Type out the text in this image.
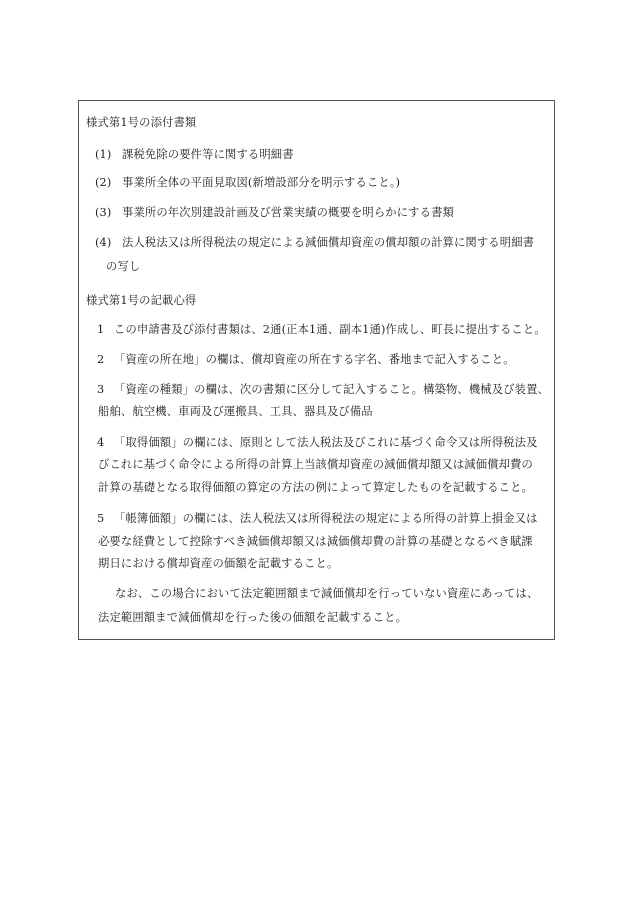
様式第1号の添付書類
(1) 課税免除の要件等に関する明細書
(2) 事業所全体の平面見取図(新増設部分を明示すること。)
(3) 事業所の年次別建設計画及び営業実績の概要を明らかにする書類
(4) 法人税法又は所得税法の規定による減価償却資産の償却額の計算に関する明細書
の写し
様式第1号の記載心得
1 この申請書及び添付書類は、2通(正本1通、副本1通)作成し、町長に提出すること。
2 「資産の所在地」の欄は、償却資産の所在する字名、番地まで記入すること。
3 「資産の種類」の欄は、次の書類に区分して記入すること。構築物、機械及び装置、
船舶、航空機、車両及び運搬具、工具、器具及び備品
4 「取得価額」の欄には、原則として法人税法及びこれに基づく命令又は所得税法及
びこれに基づく命令による所得の計算上当該償却資産の減価償却額又は減価償却費の
計算の基礎となる取得価額の算定の方法の例によって算定したものを記載すること。
5 「帳簿価額」の欄には、法人税法又は所得税法の規定による所得の計算上損金又は
必要な経費として控除すべき減価償却額又は減価償却費の計算の基礎となるべき賦課
期日における償却資産の価額を記載すること。
なお、この場合において法定範囲額まで減価償却を行っていない資産にあっては、
法定範囲額まで減価償却を行った後の価額を記載すること。
